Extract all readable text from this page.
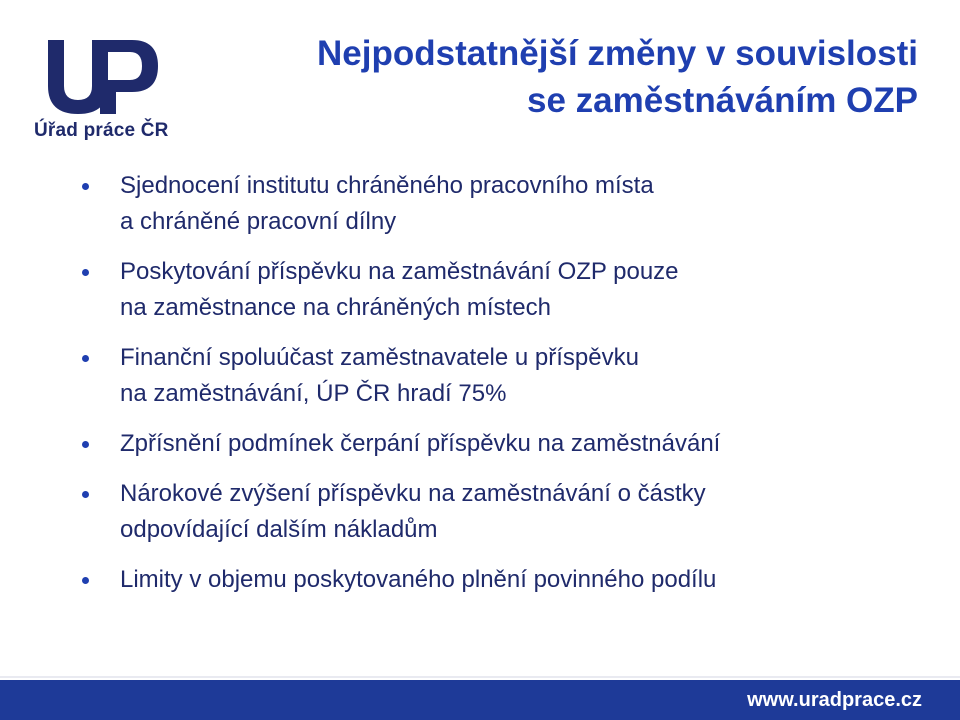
Úřad práce ČR
Nejpodstatnější změny v souvislosti
se zaměstnáváním OZP
Sjednocení institutu chráněného pracovního místa
a chráněné pracovní dílny
Poskytování příspěvku na zaměstnávání OZP pouze
na zaměstnance na chráněných místech
Finanční spoluúčast zaměstnavatele u příspěvku
na zaměstnávání, ÚP ČR hradí 75%
Zpřísnění podmínek čerpání příspěvku na zaměstnávání
Nárokové zvýšení příspěvku na zaměstnávání o částky
odpovídající dalším nákladům
Limity v objemu poskytovaného plnění povinného podílu
www.uradprace.cz
